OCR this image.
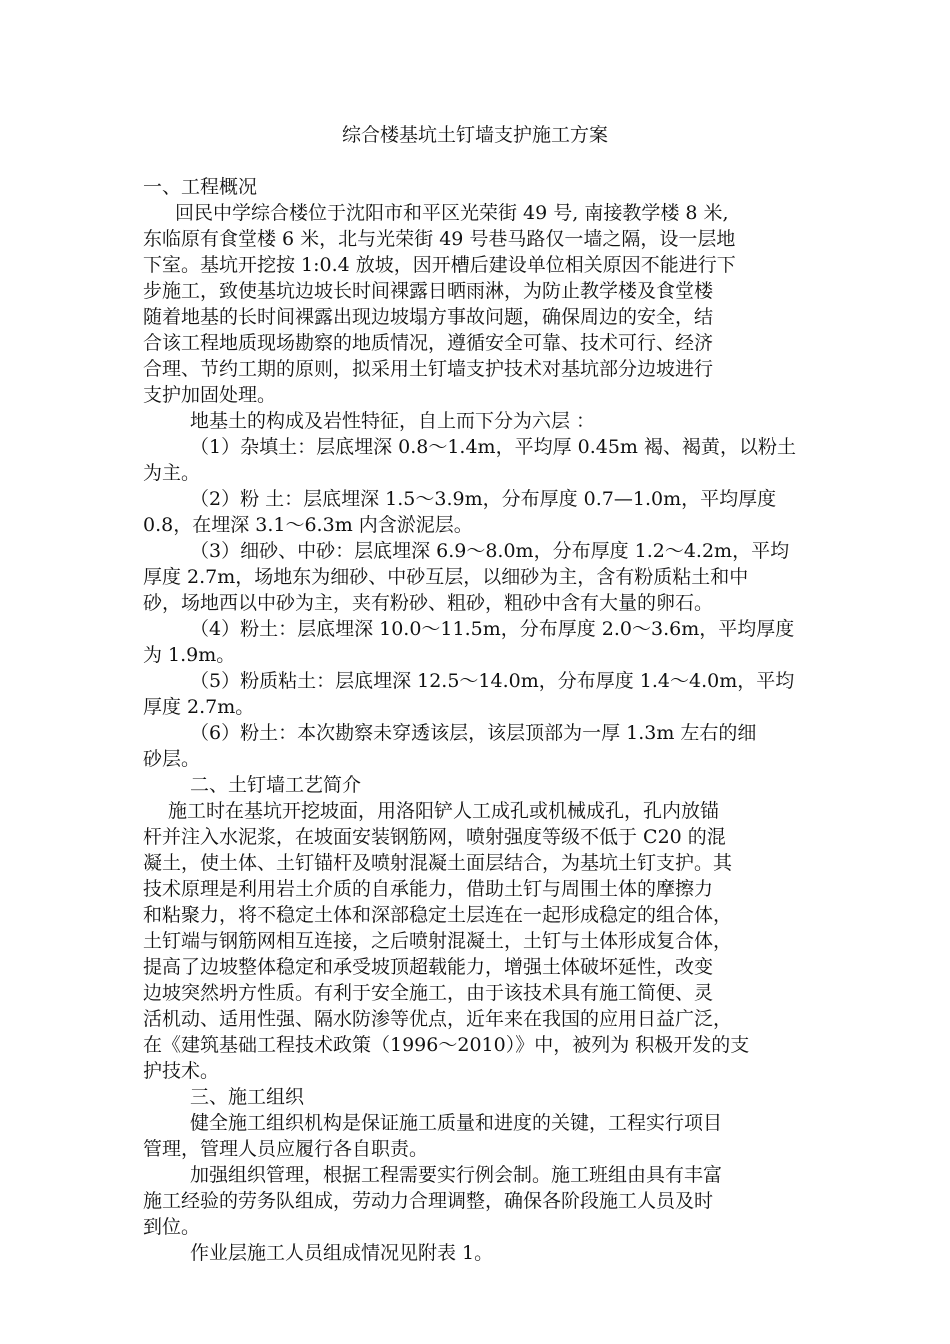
综合楼基坑土钉墙支护施工方案
一、工程概况
回民中学综合楼位于沈阳市和平区光荣街 49 号, 南接教学楼 8 米,
东临原有食堂楼 6 米，北与光荣街 49 号巷马路仅一墙之隔，设一层地
下室。基坑开挖按 1:0.4 放坡，因开槽后建设单位相关原因不能进行下
步施工，致使基坑边坡长时间裸露日晒雨淋，为防止教学楼及食堂楼
随着地基的长时间裸露出现边坡塌方事故问题，确保周边的安全，结
合该工程地质现场勘察的地质情况，遵循安全可靠、技术可行、经济
合理、节约工期的原则，拟采用土钉墙支护技术对基坑部分边坡进行
支护加固处理。
地基土的构成及岩性特征，自上而下分为六层 ：
（1）杂填土：层底埋深 0.8～1.4m，平均厚 0.45m 褐、褐黄，以粉土
为主。
（2）粉 土：层底埋深 1.5～3.9m，分布厚度 0.7—1.0m，平均厚度
0.8，在埋深 3.1～6.3m 内含淤泥层。
（3）细砂、中砂：层底埋深 6.9～8.0m，分布厚度 1.2～4.2m，平均
厚度 2.7m，场地东为细砂、中砂互层，以细砂为主，含有粉质粘土和中
砂，场地西以中砂为主，夹有粉砂、粗砂，粗砂中含有大量的卵石。
（4）粉土：层底埋深 10.0～11.5m，分布厚度 2.0～3.6m，平均厚度
为 1.9m。
（5）粉质粘土：层底埋深 12.5～14.0m，分布厚度 1.4～4.0m，平均
厚度 2.7m。
（6）粉土：本次勘察未穿透该层，该层顶部为一厚 1.3m 左右的细
砂层。
二、土钉墙工艺简介
施工时在基坑开挖坡面，用洛阳铲人工成孔或机械成孔，孔内放锚
杆并注入水泥浆，在坡面安装钢筋网，喷射强度等级不低于 C20 的混
凝土，使土体、土钉锚杆及喷射混凝土面层结合，为基坑土钉支护。其
技术原理是利用岩土介质的自承能力，借助土钉与周围土体的摩擦力
和粘聚力，将不稳定土体和深部稳定土层连在一起形成稳定的组合体，
土钉端与钢筋网相互连接，之后喷射混凝土，土钉与土体形成复合体，
提高了边坡整体稳定和承受坡顶超载能力，增强土体破坏延性，改变
边坡突然坍方性质。有利于安全施工，由于该技术具有施工简便、灵
活机动、适用性强、隔水防渗等优点，近年来在我国的应用日益广泛，
在《建筑基础工程技术政策（1996～2010）》中，被列为 积极开发的支
护技术。
三、施工组织
健全施工组织机构是保证施工质量和进度的关键，工程实行项目
管理，管理人员应履行各自职责。
加强组织管理，根据工程需要实行例会制。施工班组由具有丰富
施工经验的劳务队组成，劳动力合理调整，确保各阶段施工人员及时
到位。
作业层施工人员组成情况见附表 1。
